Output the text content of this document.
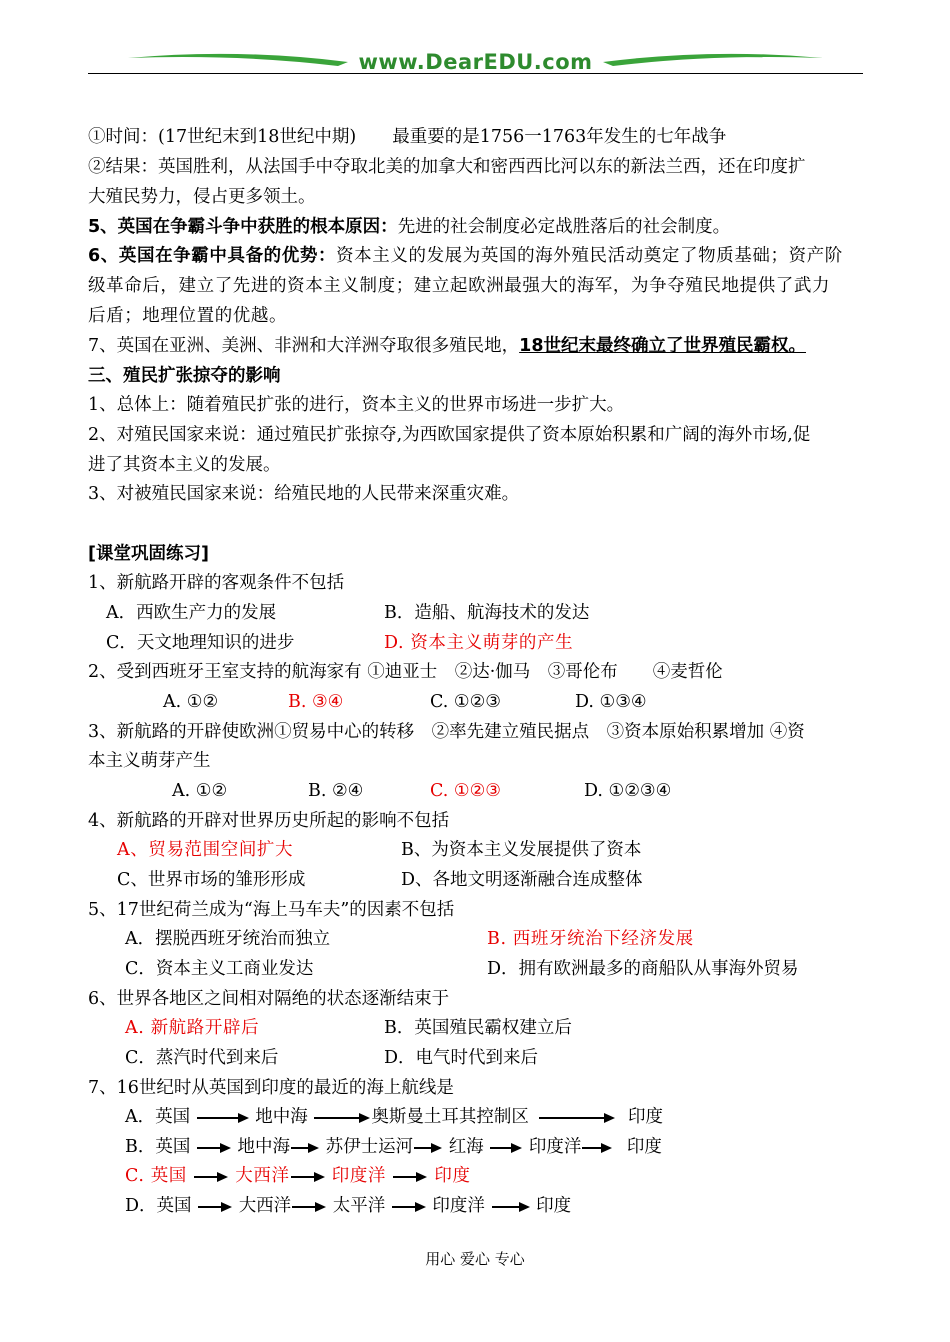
www.DearEDU.com
①时间：(17世纪末到18世纪中期) 最重要的是1756一1763年发生的七年战争
②结果：英国胜利，从法国手中夺取北美的加拿大和密西西比河以东的新法兰西，还在印度扩
大殖民势力，侵占更多领土。
5、英国在争霸斗争中获胜的根本原因：先进的社会制度必定战胜落后的社会制度。
6、英国在争霸中具备的优势：资本主义的发展为英国的海外殖民活动奠定了物质基础；资产阶
级革命后，建立了先进的资本主义制度；建立起欧洲最强大的海军，为争夺殖民地提供了武力
后盾；地理位置的优越。
7、英国在亚洲、美洲、非洲和大洋洲夺取很多殖民地，18世纪末最终确立了世界殖民霸权。
三、殖民扩张掠夺的影响
1、总体上：随着殖民扩张的进行，资本主义的世界市场进一步扩大。
2、对殖民国家来说：通过殖民扩张掠夺,为西欧国家提供了资本原始积累和广阔的海外市场,促
进了其资本主义的发展。
3、对被殖民国家来说：给殖民地的人民带来深重灾难。
[课堂巩固练习]
1、新航路开辟的客观条件不包括
A．西欧生产力的发展	B．造船、航海技术的发达
C．天文地理知识的进步	D. 资本主义萌芽的产生
2、受到西班牙王室支持的航海家有 ①迪亚士　②达·伽马　③哥伦布　　④麦哲伦
A. ①②	B. ③④	C. ①②③	D. ①③④
3、新航路的开辟使欧洲①贸易中心的转移　②率先建立殖民据点　③资本原始积累增加 ④资
本主义萌芽产生
A. ①②	B. ②④	C. ①②③	D. ①②③④
4、新航路的开辟对世界历史所起的影响不包括
A、贸易范围空间扩大	B、为资本主义发展提供了资本
C、世界市场的雏形形成	D、各地文明逐渐融合连成整体
5、17世纪荷兰成为“海上马车夫”的因素不包括
A．摆脱西班牙统治而独立	B. 西班牙统治下经济发展
C．资本主义工商业发达	D．拥有欧洲最多的商船队从事海外贸易
6、世界各地区之间相对隔绝的状态逐渐结束于
A. 新航路开辟后	B．英国殖民霸权建立后
C．蒸汽时代到来后	D．电气时代到来后
7、16世纪时从英国到印度的最近的海上航线是
A．英国	地中海	奥斯曼土耳其控制区	印度
B．英国	地中海 苏伊士运河 红海	印度洋	印度
C. 英国	大西洋 印度洋	印度
D．英国	大西洋 太平洋	印度洋	印度
用心 爱心 专心
